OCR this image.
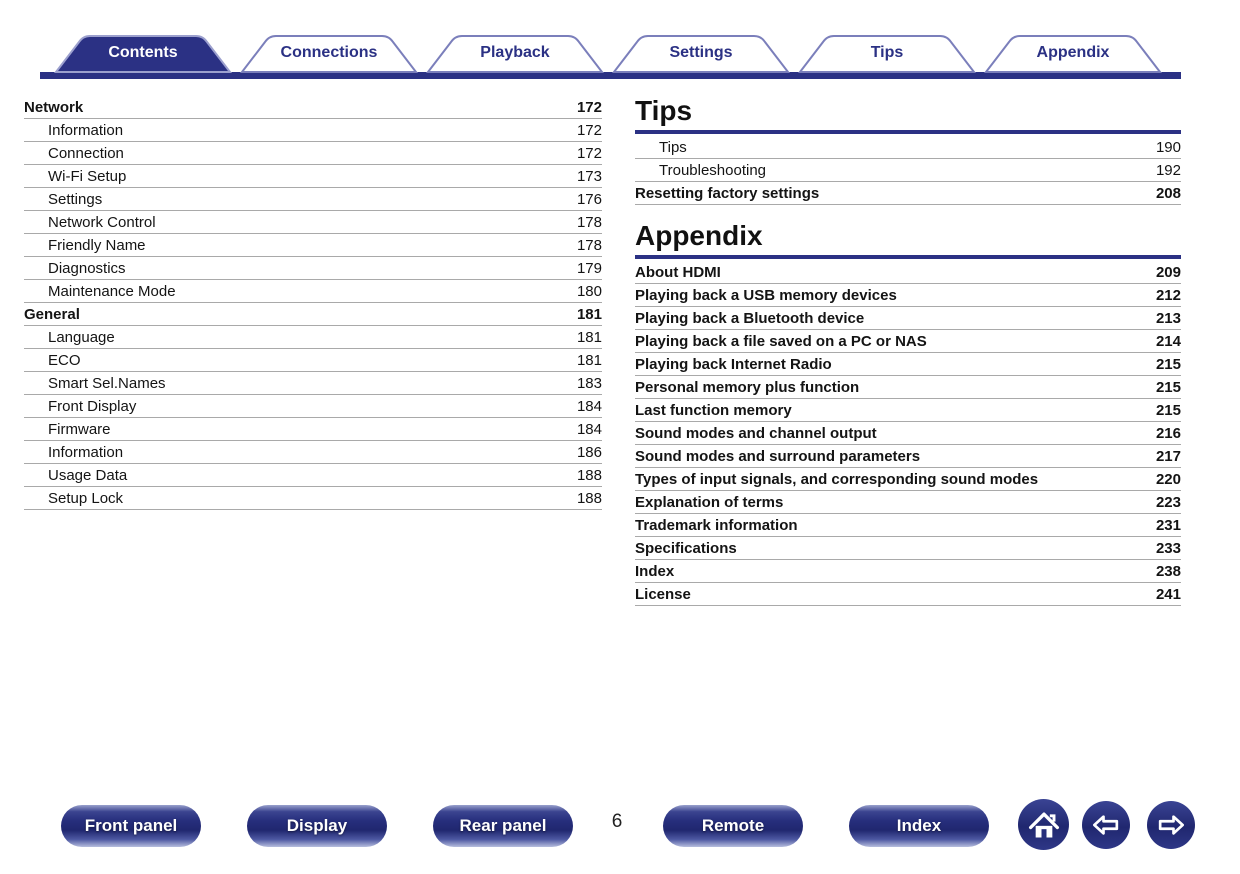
Contents	Connections	Playback	Settings	Tips	Appendix
Network	172
Information	172
Connection	172
Wi-Fi Setup	173
Settings	176
Network Control	178
Friendly Name	178
Diagnostics	179
Maintenance Mode	180
General	181
Language	181
ECO	181
Smart Sel.Names	183
Front Display	184
Firmware	184
Information	186
Usage Data	188
Setup Lock	188
Tips
Tips	190
Troubleshooting	192
Resetting factory settings	208
Appendix
About HDMI	209
Playing back a USB memory devices	212
Playing back a Bluetooth device	213
Playing back a file saved on a PC or NAS	214
Playing back Internet Radio	215
Personal memory plus function	215
Last function memory	215
Sound modes and channel output	216
Sound modes and surround parameters	217
Types of input signals, and corresponding sound modes	220
Explanation of terms	223
Trademark information	231
Specifications	233
Index	238
License	241
Front panel	Display	Rear panel	6	Remote	Index
